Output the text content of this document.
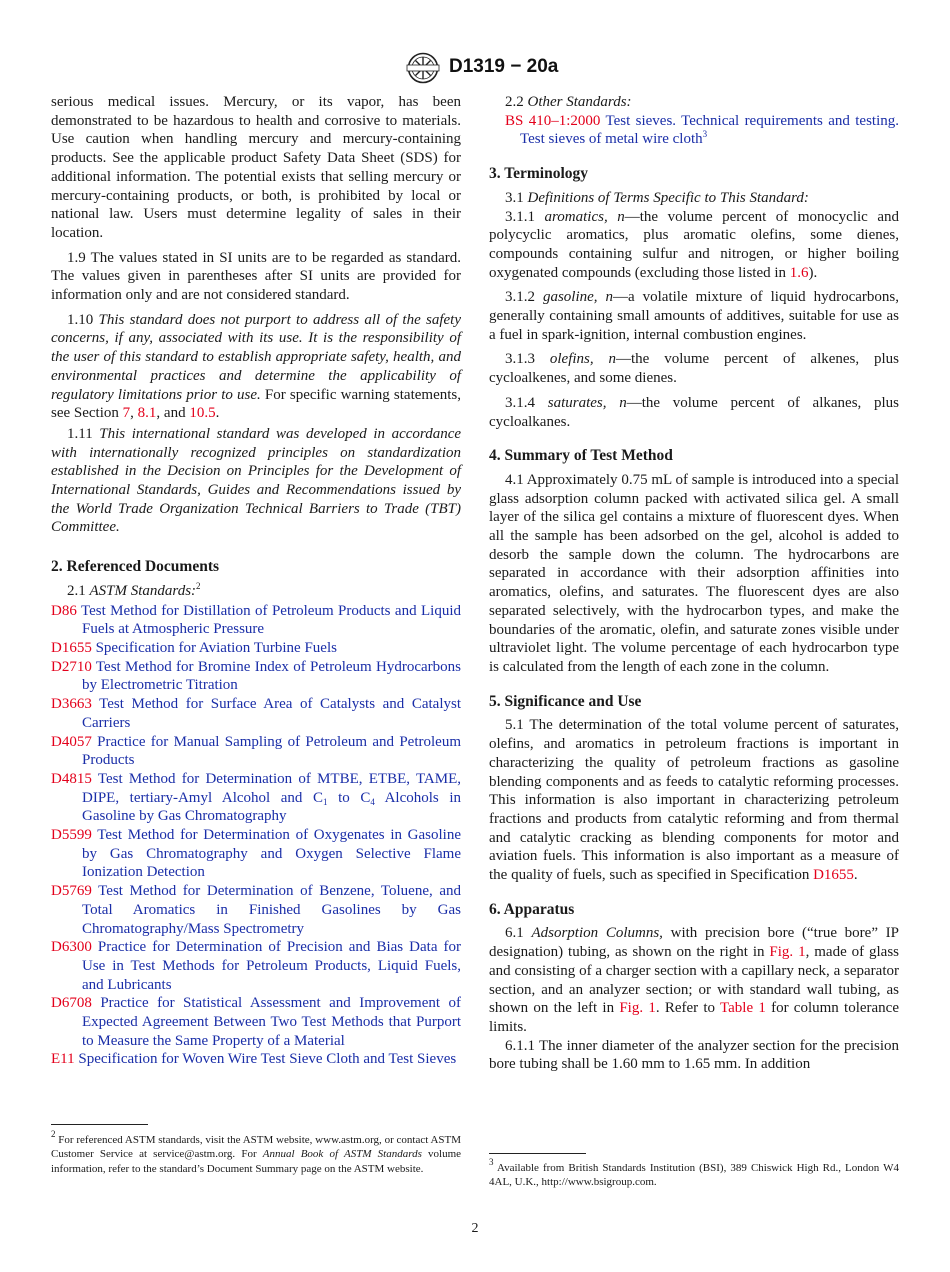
D1319 − 20a

serious medical issues. Mercury, or its vapor, has been demonstrated to be hazardous to health and corrosive to materials. Use caution when handling mercury and mercury-containing products. See the applicable product Safety Data Sheet (SDS) for additional information. The potential exists that selling mercury or mercury-containing products, or both, is prohibited by local or national law. Users must determine legality of sales in their location.

1.9 The values stated in SI units are to be regarded as standard. The values given in parentheses after SI units are provided for information only and are not considered standard.

1.10 This standard does not purport to address all of the safety concerns, if any, associated with its use. It is the responsibility of the user of this standard to establish appropriate safety, health, and environmental practices and determine the applicability of regulatory limitations prior to use. For specific warning statements, see Section 7, 8.1, and 10.5.

1.11 This international standard was developed in accordance with internationally recognized principles on standardization established in the Decision on Principles for the Development of International Standards, Guides and Recommendations issued by the World Trade Organization Technical Barriers to Trade (TBT) Committee.

2. Referenced Documents

2.1 ASTM Standards:$^2$

D86 Test Method for Distillation of Petroleum Products and Liquid Fuels at Atmospheric Pressure

D1655 Specification for Aviation Turbine Fuels

D2710 Test Method for Bromine Index of Petroleum Hydrocarbons by Electrometric Titration

D3663 Test Method for Surface Area of Catalysts and Catalyst Carriers

D4057 Practice for Manual Sampling of Petroleum and Petroleum Products

D4815 Test Method for Determination of MTBE, ETBE, TAME, DIPE, tertiary-Amyl Alcohol and $C_1$ to $C_4$ Alcohols in Gasoline by Gas Chromatography

D5599 Test Method for Determination of Oxygenates in Gasoline by Gas Chromatography and Oxygen Selective Flame Ionization Detection

D5769 Test Method for Determination of Benzene, Toluene, and Total Aromatics in Finished Gasolines by Gas Chromatography/Mass Spectrometry

D6300 Practice for Determination of Precision and Bias Data for Use in Test Methods for Petroleum Products, Liquid Fuels, and Lubricants

D6708 Practice for Statistical Assessment and Improvement of Expected Agreement Between Two Test Methods that Purport to Measure the Same Property of a Material

E11 Specification for Woven Wire Test Sieve Cloth and Test Sieves

$^2$ For referenced ASTM standards, visit the ASTM website, www.astm.org, or contact ASTM Customer Service at service@astm.org. For Annual Book of ASTM Standards volume information, refer to the standard’s Document Summary page on the ASTM website.

2.2 Other Standards:

BS 410–1:2000 Test sieves. Technical requirements and testing. Test sieves of metal wire cloth$^3$

3. Terminology

3.1 Definitions of Terms Specific to This Standard:

3.1.1 aromatics, n—the volume percent of monocyclic and polycyclic aromatics, plus aromatic olefins, some dienes, compounds containing sulfur and nitrogen, or higher boiling oxygenated compounds (excluding those listed in 1.6).

3.1.2 gasoline, n—a volatile mixture of liquid hydrocarbons, generally containing small amounts of additives, suitable for use as a fuel in spark-ignition, internal combustion engines.

3.1.3 olefins, n—the volume percent of alkenes, plus cycloalkenes, and some dienes.

3.1.4 saturates, n—the volume percent of alkanes, plus cycloalkanes.

4. Summary of Test Method

4.1 Approximately 0.75 mL of sample is introduced into a special glass adsorption column packed with activated silica gel. A small layer of the silica gel contains a mixture of fluorescent dyes. When all the sample has been adsorbed on the gel, alcohol is added to desorb the sample down the column. The hydrocarbons are separated in accordance with their adsorption affinities into aromatics, olefins, and saturates. The fluorescent dyes are also separated selectively, with the hydrocarbon types, and make the boundaries of the aromatic, olefin, and saturate zones visible under ultraviolet light. The volume percentage of each hydrocarbon type is calculated from the length of each zone in the column.

5. Significance and Use

5.1 The determination of the total volume percent of saturates, olefins, and aromatics in petroleum fractions is important in characterizing the quality of petroleum fractions as gasoline blending components and as feeds to catalytic reforming processes. This information is also important in characterizing petroleum fractions and products from catalytic reforming and from thermal and catalytic cracking as blending components for motor and aviation fuels. This information is also important as a measure of the quality of fuels, such as specified in Specification D1655.

6. Apparatus

6.1 Adsorption Columns, with precision bore (“true bore” IP designation) tubing, as shown on the right in Fig. 1, made of glass and consisting of a charger section with a capillary neck, a separator section, and an analyzer section; or with standard wall tubing, as shown on the left in Fig. 1. Refer to Table 1 for column tolerance limits.

6.1.1 The inner diameter of the analyzer section for the precision bore tubing shall be 1.60 mm to 1.65 mm. In addition

$^3$ Available from British Standards Institution (BSI), 389 Chiswick High Rd., London W4 4AL, U.K., http://www.bsigroup.com.
2
